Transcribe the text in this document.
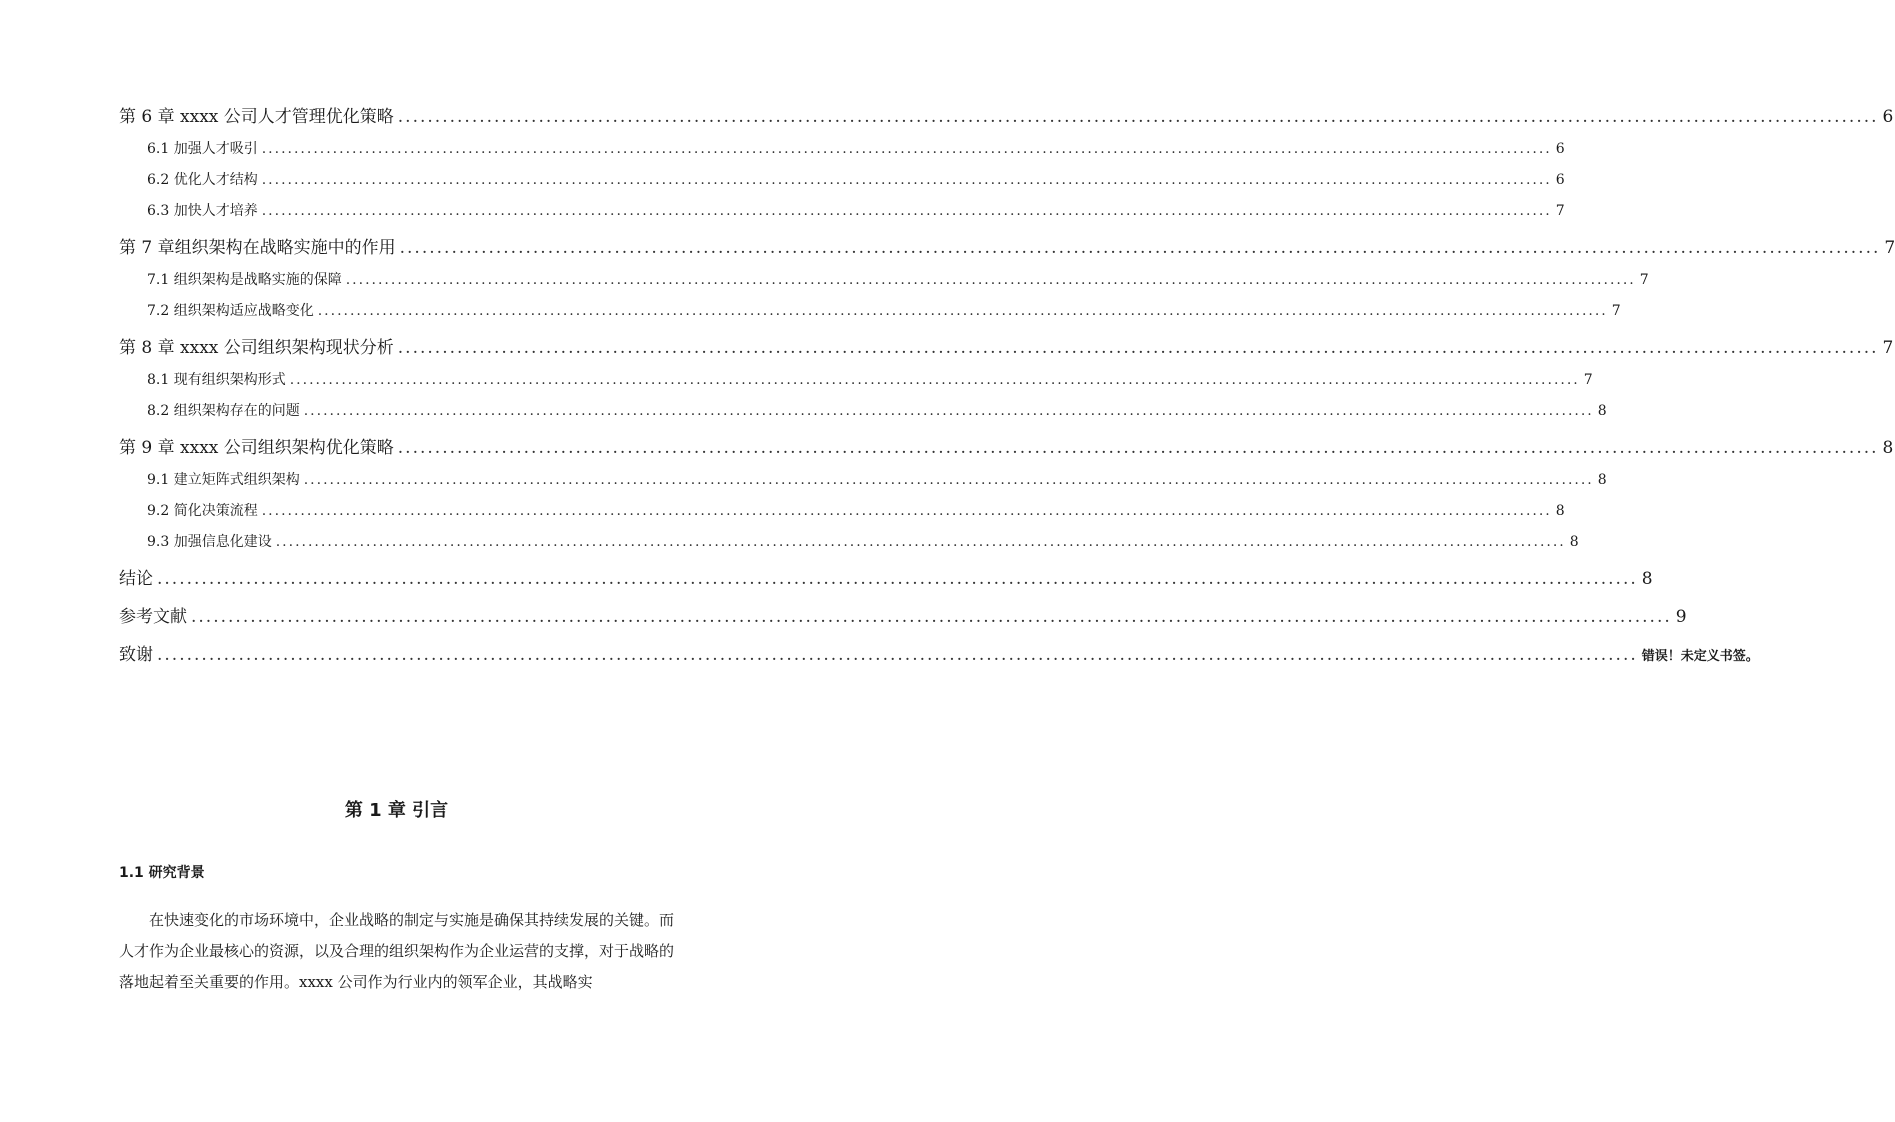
第 6 章 xxxx 公司人才管理优化策略 ........................................................................................................................................................................................................ 6
6.1 加强人才吸引 ........................................................................................................................................................................................................ 6
6.2 优化人才结构 ........................................................................................................................................................................................................ 6
6.3 加快人才培养 ........................................................................................................................................................................................................ 7
第 7 章组织架构在战略实施中的作用 ........................................................................................................................................................................................................ 7
7.1 组织架构是战略实施的保障 ........................................................................................................................................................................................................ 7
7.2 组织架构适应战略变化 ........................................................................................................................................................................................................ 7
第 8 章 xxxx 公司组织架构现状分析 ........................................................................................................................................................................................................ 7
8.1 现有组织架构形式 ........................................................................................................................................................................................................ 7
8.2 组织架构存在的问题 ........................................................................................................................................................................................................ 8
第 9 章 xxxx 公司组织架构优化策略 ........................................................................................................................................................................................................ 8
9.1 建立矩阵式组织架构 ........................................................................................................................................................................................................ 8
9.2 简化决策流程 ........................................................................................................................................................................................................ 8
9.3 加强信息化建设 ........................................................................................................................................................................................................ 8
结论 ........................................................................................................................................................................................................ 8
参考文献 ........................................................................................................................................................................................................ 9
致谢 ........................................................................................................................................................................................................ 错误！未定义书签。
第 1 章 引言
1.1 研究背景

在快速变化的市场环境中，企业战略的制定与实施是确保其持续发展的关键。而人才作为企业最核心的资源，以及合理的组织架构作为企业运营的支撑，对于战略的落地起着至关重要的作用。xxxx 公司作为行业内的领军企业，其战略实
